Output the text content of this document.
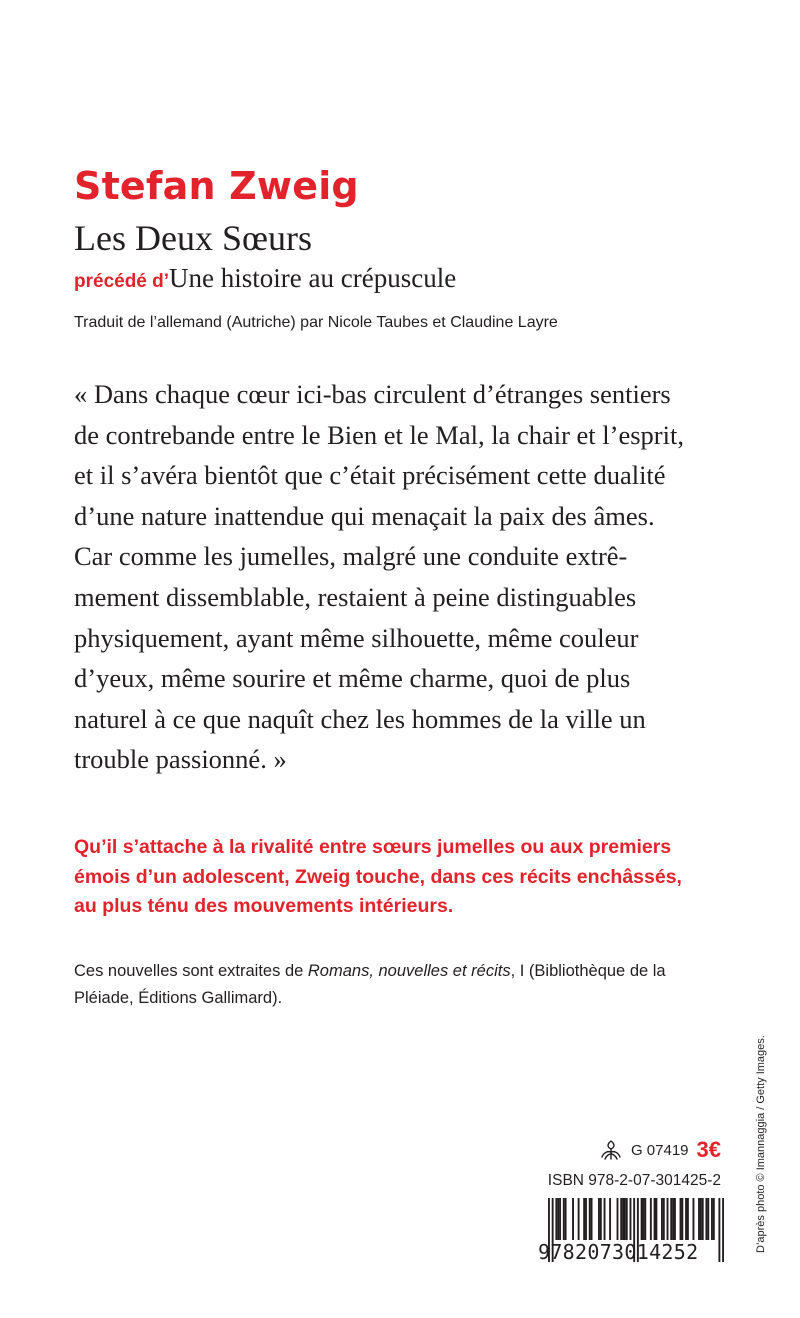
Stefan Zweig
Les Deux Sœurs

précédé d’Une histoire au crépuscule

Traduit de l’allemand (Autriche) par Nicole Taubes et Claudine Layre

« Dans chaque cœur ici-bas circulent d’étranges sentiers
de contrebande entre le Bien et le Mal, la chair et l’esprit,
et il s’avéra bientôt que c’était précisément cette dualité
d’une nature inattendue qui menaçait la paix des âmes.
Car comme les jumelles, malgré une conduite extrê-
mement dissemblable, restaient à peine distinguables
physiquement, ayant même silhouette, même couleur
d’yeux, même sourire et même charme, quoi de plus
naturel à ce que naquît chez les hommes de la ville un
trouble passionné. »

Qu’il s’attache à la rivalité entre sœurs jumelles ou aux premiers
émois d’un adolescent, Zweig touche, dans ces récits enchâssés,
au plus ténu des mouvements intérieurs.

Ces nouvelles sont extraites de Romans, nouvelles et récits, I (Bibliothèque de la
Pléiade, Éditions Gallimard).

D’après photo © Imannaggia / Getty Images.
G 07419 3€
ISBN 978-2-07-301425-2
9782073014252
